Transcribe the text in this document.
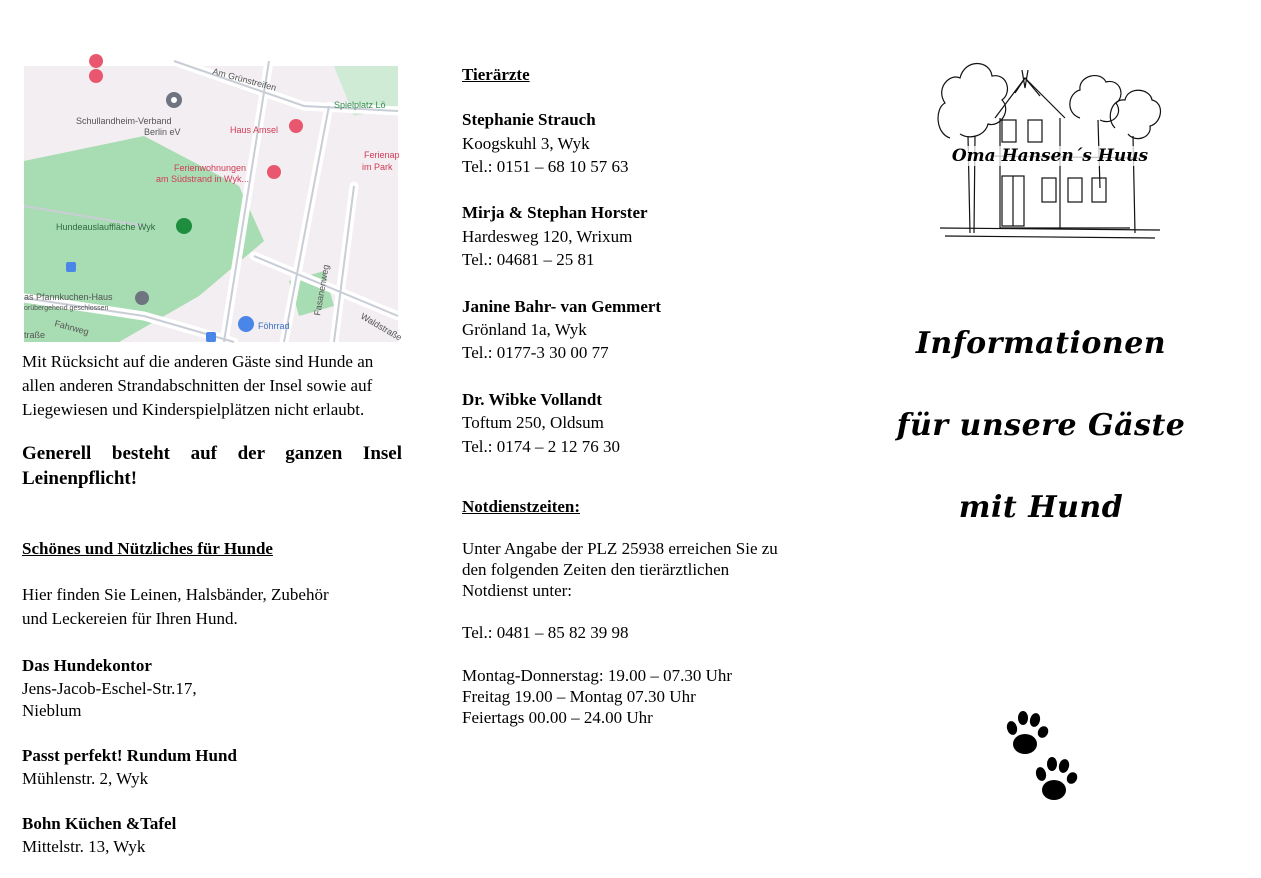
Am Grünstreifen
Spielplatz Lö
Schullandheim-Verband
Berlin eV	Haus Amsel
Ferienwohnungen
am Südstrand in Wyk...
Ferienap
im Park
Hundeauslauffläche Wyk
Fasanenweg
as Pfannkuchen-Haus
orübergehend geschlossen
Föhrrad	Waldstraße
Fahrweg
traße
Mit Rücksicht auf die anderen Gäste sind Hunde an
allen anderen Strandabschnitten der Insel sowie auf
Liegewiesen und Kinderspielplätzen nicht erlaubt.
Generell besteht auf der ganzen Insel
Leinenpflicht!
Schönes und Nützliches für Hunde
Hier finden Sie Leinen, Halsbänder, Zubehör
und Leckereien für Ihren Hund.
Das Hundekontor
Jens-Jacob-Eschel-Str.17,
Nieblum
Passt perfekt! Rundum Hund
Mühlenstr. 2, Wyk
Bohn Küchen &Tafel
Mittelstr. 13, Wyk
Tierärzte
Stephanie Strauch
Koogskuhl 3, Wyk
Tel.: 0151 – 68 10 57 63
Mirja & Stephan Horster
Hardesweg 120, Wrixum
Tel.: 04681 – 25 81
Janine Bahr- van Gemmert
Grönland 1a, Wyk
Tel.: 0177-3 30 00 77
Dr. Wibke Vollandt
Toftum 250, Oldsum
Tel.: 0174 – 2 12 76 30
Notdienstzeiten:
Unter Angabe der PLZ 25938 erreichen Sie zu
den folgenden Zeiten den tierärztlichen
Notdienst unter:
Tel.: 0481 – 85 82 39 98
Montag-Donnerstag: 19.00 – 07.30 Uhr
Freitag 19.00 – Montag 07.30 Uhr
Feiertags 00.00 – 24.00 Uhr
Oma Hansen´s Huus
Informationen
für unsere Gäste
mit Hund
